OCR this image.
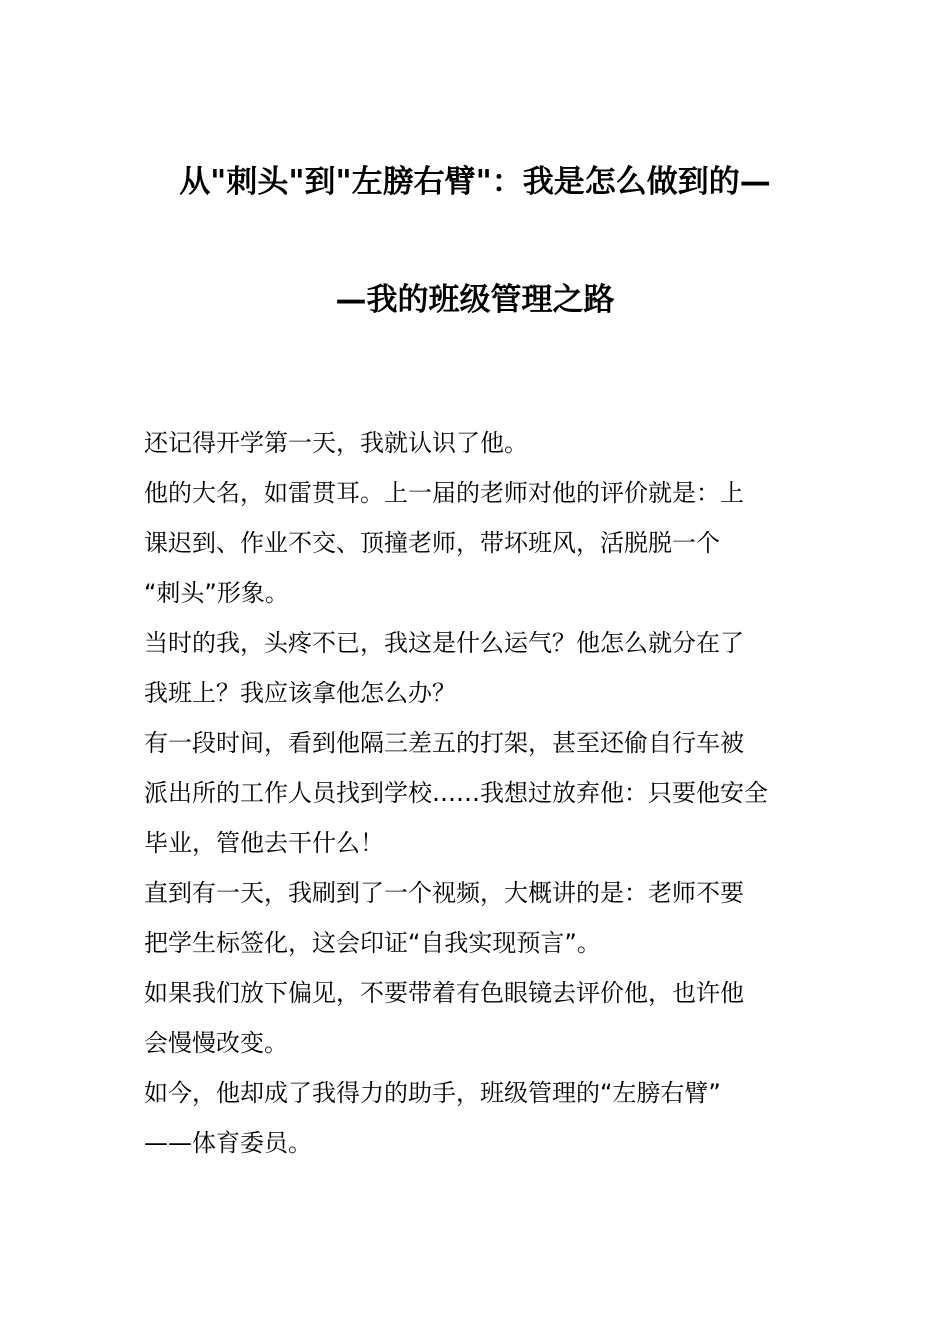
从"刺头"到"左膀右臂"：我是怎么做到的—
—我的班级管理之路
还记得开学第一天，我就认识了他。
他的大名，如雷贯耳。上一届的老师对他的评价就是：上
课迟到、作业不交、顶撞老师，带坏班风，活脱脱一个
“刺头”形象。
当时的我，头疼不已，我这是什么运气？他怎么就分在了
我班上？我应该拿他怎么办？
有一段时间，看到他隔三差五的打架，甚至还偷自行车被
派出所的工作人员找到学校……我想过放弃他：只要他安全
毕业，管他去干什么！
直到有一天，我刷到了一个视频，大概讲的是：老师不要
把学生标签化，这会印证“自我实现预言”。
如果我们放下偏见，不要带着有色眼镜去评价他，也许他
会慢慢改变。
如今，他却成了我得力的助手，班级管理的“左膀右臂”
——体育委员。
